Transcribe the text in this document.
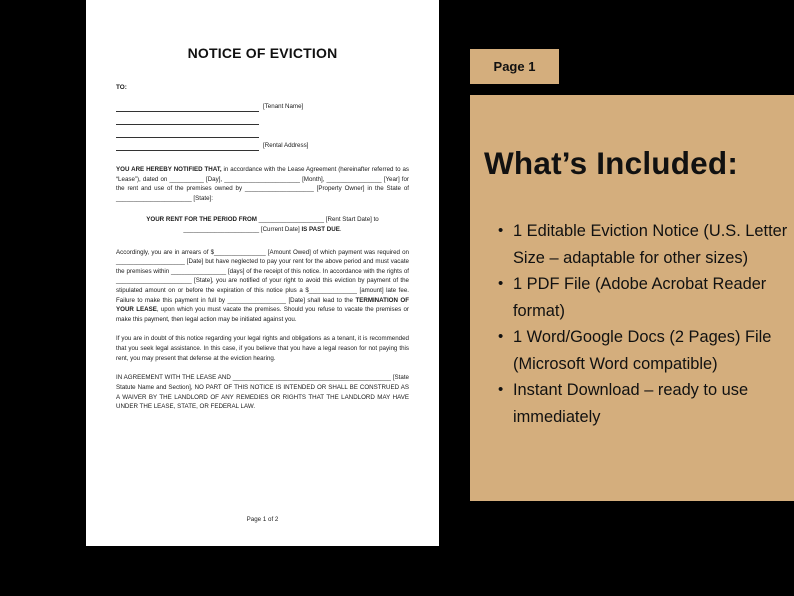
NOTICE OF EVICTION
TO:
[Tenant Name]
[Rental Address]

YOU ARE HEREBY NOTIFIED THAT, in accordance with the Lease Agreement (hereinafter referred to as “Lease”), dated on __________ [Day], ______________________ [Month], ________________ [Year] for the rent and use of the premises owned by ____________________ [Property Owner] in the State of ______________________ [State]:

YOUR RENT FOR THE PERIOD FROM ___________________ [Rent Start Date] to
______________________ [Current Date] IS PAST DUE.

Accordingly, you are in arrears of $_______________ [Amount Owed] of which payment was required on ____________________ [Date] but have neglected to pay your rent for the above period and must vacate the premises within ________________ [days] of the receipt of this notice. In accordance with the rights of ______________________ [State], you are notified of your right to avoid this eviction by payment of the stipulated amount on or before the expiration of this notice plus a $______________ [amount] late fee. Failure to make this payment in full by _________________ [Date] shall lead to the TERMINATION OF YOUR LEASE, upon which you must vacate the premises. Should you refuse to vacate the premises or make this payment, then legal action may be initiated against you.

If you are in doubt of this notice regarding your legal rights and obligations as a tenant, it is recommended that you seek legal assistance. In this case, if you believe that you have a legal reason for not paying this rent, you may present that defense at the eviction hearing.

IN AGREEMENT WITH THE LEASE AND ______________________________________________ [State Statute Name and Section], NO PART OF THIS NOTICE IS INTENDED OR SHALL BE CONSTRUED AS A WAIVER BY THE LANDLORD OF ANY REMEDIES OR RIGHTS THAT THE LANDLORD MAY HAVE UNDER THE LEASE, STATE, OR FEDERAL LAW.

Page 1 of 2
Page 1
What’s Included:
• 1 Editable Eviction Notice (U.S. Letter Size – adaptable for other sizes)
• 1 PDF File (Adobe Acrobat Reader format)
• 1 Word/Google Docs (2 Pages) File (Microsoft Word compatible)
• Instant Download – ready to use immediately
